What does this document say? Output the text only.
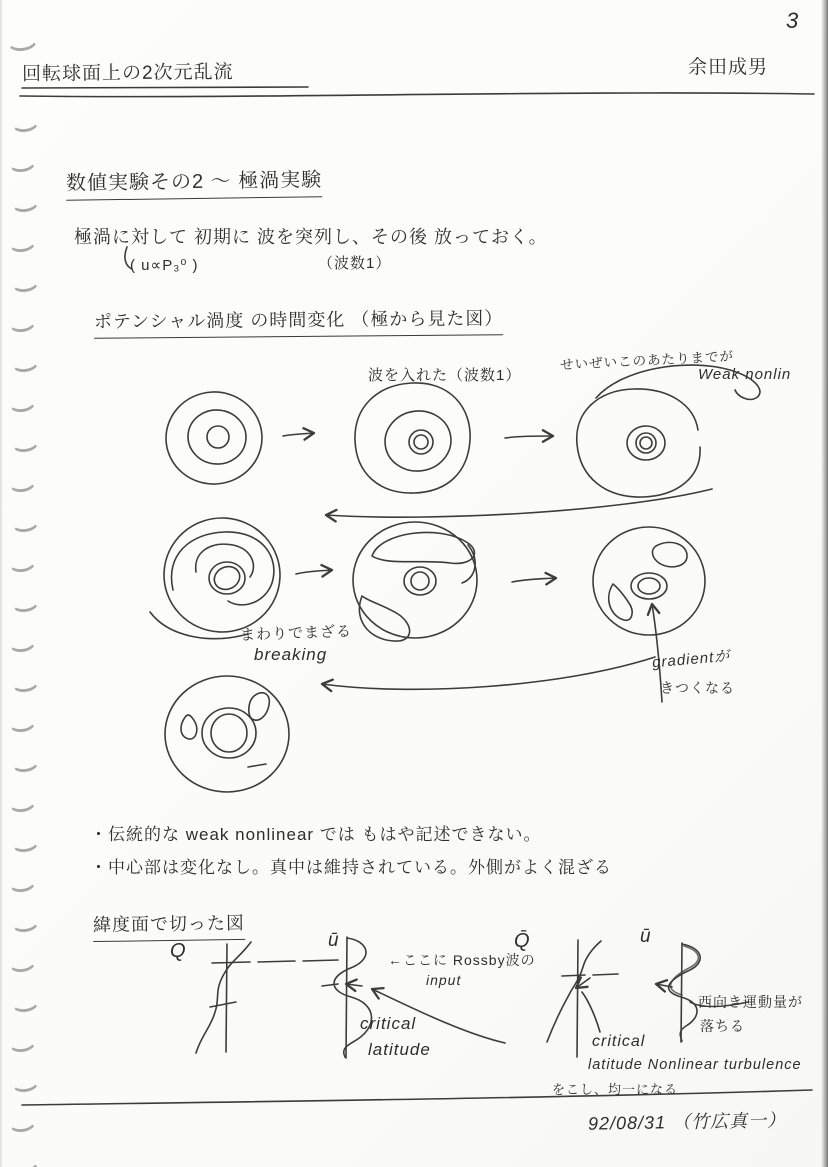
3
回転球面上の2次元乱流	余田成男
数値実験その2 〜 極渦実験
極渦に対して 初期に 波を突列し、その後 放っておく。
( u∝P₃⁰ )	（波数1）
ポテンシャル渦度 の時間変化 （極から見た図）
波を入れた（波数1）
せいぜいこのあたりまでが
Weak nonlin
まわりでまざる
breaking	gradientが
きつくなる
・伝統的な weak nonlinear では もはや記述できない。
・中心部は変化なし。真中は維持されている。外側がよく混ざる
緯度面で切った図
Q	ū
←ここに Rossby波の
input
critical
latitude
Q̄	ū
西向き運動量が
落ちる
critical
latitude Nonlinear turbulence
をこし、均一になる
92/08/31 （竹広真一）
